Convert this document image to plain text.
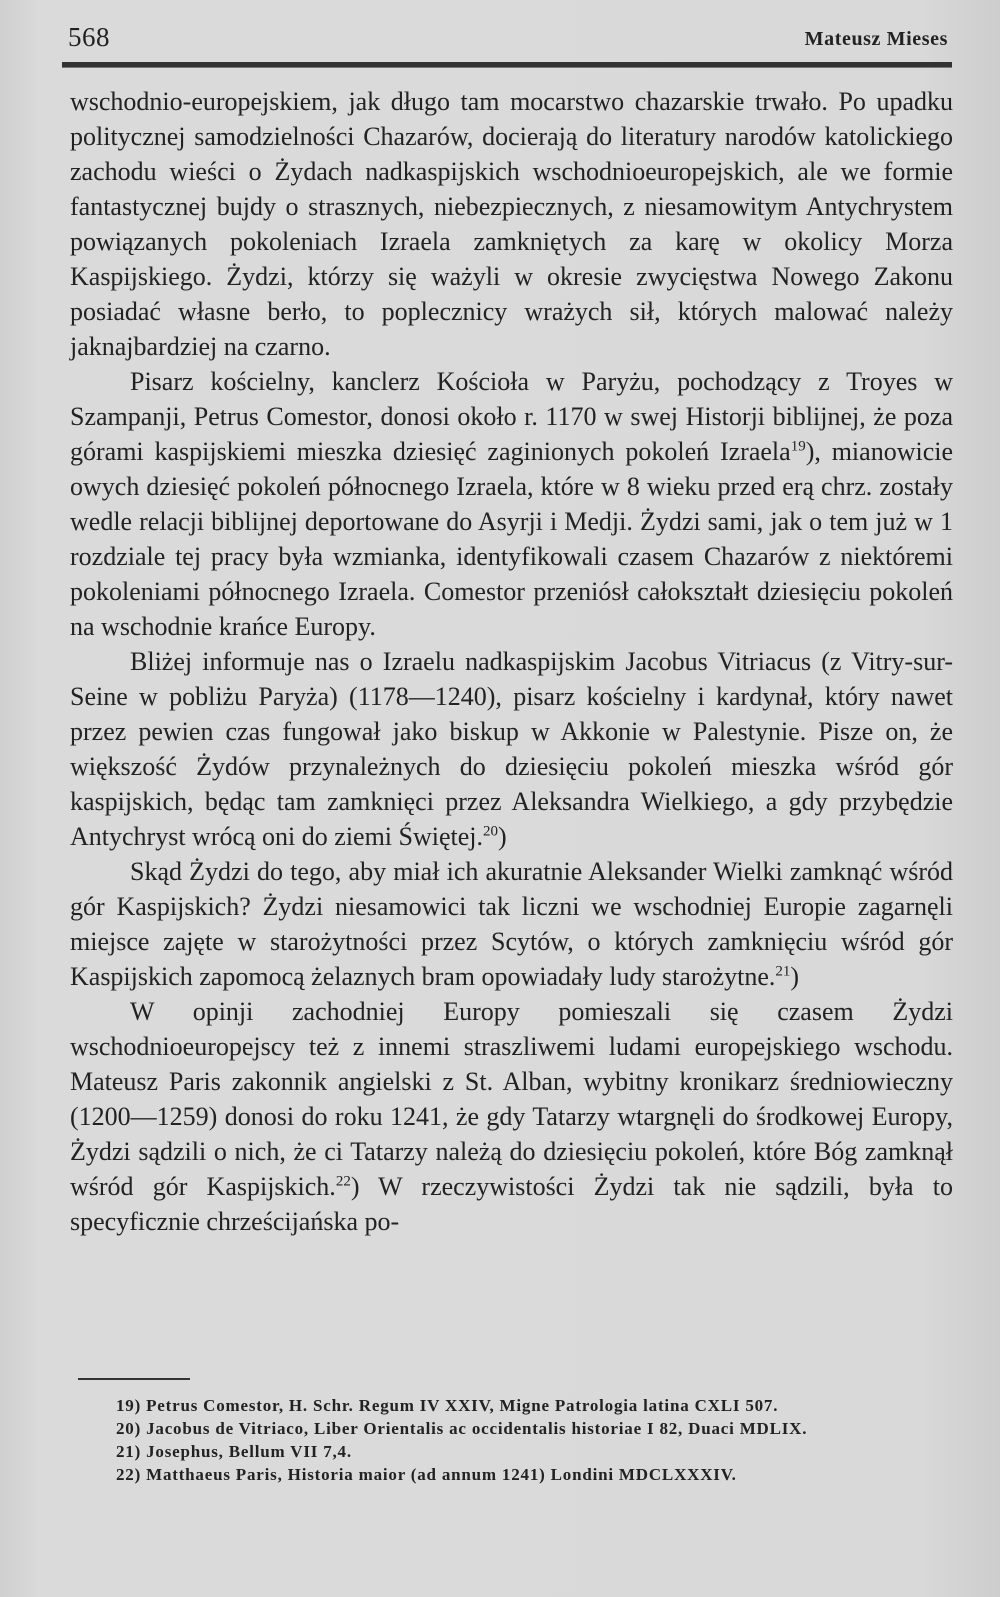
568	Mateusz Mieses

wschodnio-europejskiem, jak długo tam mocarstwo chazarskie trwało. Po upadku politycznej samodzielności Chazarów, docierają do literatury narodów katolickiego zachodu wieści o Żydach nadkaspijskich wschodnioeuropejskich, ale we formie fantastycznej bujdy o strasznych, niebezpiecznych, z niesamowitym Antychrystem powiązanych pokoleniach Izraela zamkniętych za karę w okolicy Morza Kaspijskiego. Żydzi, którzy się ważyli w okresie zwycięstwa Nowego Zakonu posiadać własne berło, to poplecznicy wrażych sił, których malować należy jaknajbardziej na czarno.

Pisarz kościelny, kanclerz Kościoła w Paryżu, pochodzący z Troyes w Szampanji, Petrus Comestor, donosi około r. 1170 w swej Historji biblijnej, że poza górami kaspijskiemi mieszka dziesięć zaginionych pokoleń Izraela$^{19}$), mianowicie owych dziesięć pokoleń północnego Izraela, które w 8 wieku przed erą chrz. zostały wedle relacji biblijnej deportowane do Asyrji i Medji. Żydzi sami, jak o tem już w 1 rozdziale tej pracy była wzmianka, identyfikowali czasem Chazarów z niektóremi pokoleniami północnego Izraela. Comestor przeniósł całokształt dziesięciu pokoleń na wschodnie krańce Europy.

Bliżej informuje nas o Izraelu nadkaspijskim Jacobus Vitriacus (z Vitry-sur-Seine w pobliżu Paryża) (1178—1240), pisarz kościelny i kardynał, który nawet przez pewien czas fungował jako biskup w Akkonie w Palestynie. Pisze on, że większość Żydów przynależnych do dziesięciu pokoleń mieszka wśród gór kaspijskich, będąc tam zamknięci przez Aleksandra Wielkiego, a gdy przybędzie Antychryst wrócą oni do ziemi Świętej.$^{20}$)

Skąd Żydzi do tego, aby miał ich akuratnie Aleksander Wielki zamknąć wśród gór Kaspijskich? Żydzi niesamowici tak liczni we wschodniej Europie zagarnęli miejsce zajęte w starożytności przez Scytów, o których zamknięciu wśród gór Kaspijskich zapomocą żelaznych bram opowiadały ludy starożytne.$^{21}$)

W opinji zachodniej Europy pomieszali się czasem Żydzi wschodnioeuropejscy też z innemi straszliwemi ludami europejskiego wschodu. Mateusz Paris zakonnik angielski z St. Alban, wybitny kronikarz średniowieczny (1200—1259) donosi do roku 1241, że gdy Tatarzy wtargnęli do środkowej Europy, Żydzi sądzili o nich, że ci Tatarzy należą do dziesięciu pokoleń, które Bóg zamknął wśród gór Kaspijskich.$^{22}$) W rzeczywistości Żydzi tak nie sądzili, była to specyficznie chrześcijańska po-

19) Petrus Comestor, H. Schr. Regum IV XXIV, Migne Patrologia latina CXLI 507.

20) Jacobus de Vitriaco, Liber Orientalis ac occidentalis historiae I 82, Duaci MDLIX.

21) Josephus, Bellum VII 7,4.

22) Matthaeus Paris, Historia maior (ad annum 1241) Londini MDCLXXXIV.
